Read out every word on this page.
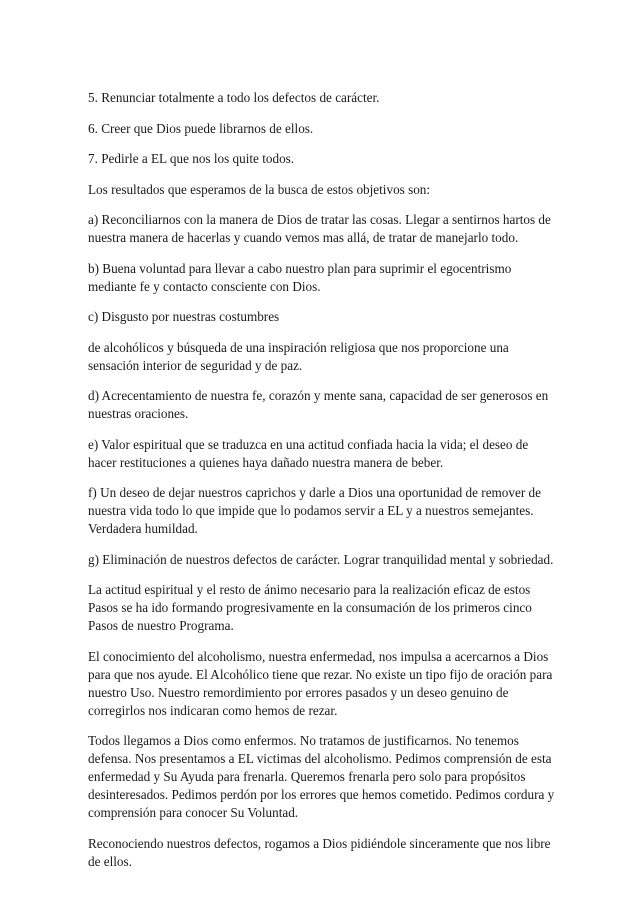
5. Renunciar totalmente a todo los defectos de carácter.

6. Creer que Dios puede librarnos de ellos.

7. Pedirle a EL que nos los quite todos.

Los resultados que esperamos de la busca de estos objetivos son:

a) Reconciliarnos con la manera de Dios de tratar las cosas. Llegar a sentirnos hartos de nuestra manera de hacerlas y cuando vemos mas allá, de tratar de manejarlo todo.

b) Buena voluntad para llevar a cabo nuestro plan para suprimir el egocentrismo mediante fe y contacto consciente con Dios.

c) Disgusto por nuestras costumbres

de alcohólicos y búsqueda de una inspiración religiosa que nos proporcione una sensación interior de seguridad y de paz.

d) Acrecentamiento de nuestra fe, corazón y mente sana, capacidad de ser generosos en nuestras oraciones.

e) Valor espiritual que se traduzca en una actitud confiada hacia la vida; el deseo de hacer restituciones a quienes haya dañado nuestra manera de beber.

f) Un deseo de dejar nuestros caprichos y darle a Dios una oportunidad de remover de nuestra vida todo lo que impide que lo podamos servir a EL y a nuestros semejantes. Verdadera humildad.

g) Eliminación de nuestros defectos de carácter. Lograr tranquilidad mental y sobriedad.

La actitud espiritual y el resto de ánimo necesario para la realización eficaz de estos Pasos se ha ido formando progresivamente en la consumación de los primeros cinco Pasos de nuestro Programa.

El conocimiento del alcoholismo, nuestra enfermedad, nos impulsa a acercarnos a Dios para que nos ayude. El Alcohólico tiene que rezar. No existe un tipo fijo de oración para nuestro Uso. Nuestro remordimiento por errores pasados y un deseo genuino de corregirlos nos indicaran como hemos de rezar.

Todos llegamos a Dios como enfermos. No tratamos de justificarnos. No tenemos defensa. Nos presentamos a EL victimas del alcoholismo. Pedimos comprensión de esta enfermedad y Su Ayuda para frenarla. Queremos frenarla pero solo para propósitos desinteresados. Pedimos perdón por los errores que hemos cometido. Pedimos cordura y comprensión para conocer Su Voluntad.

Reconociendo nuestros defectos, rogamos a Dios pidiéndole sinceramente que nos libre de ellos.
